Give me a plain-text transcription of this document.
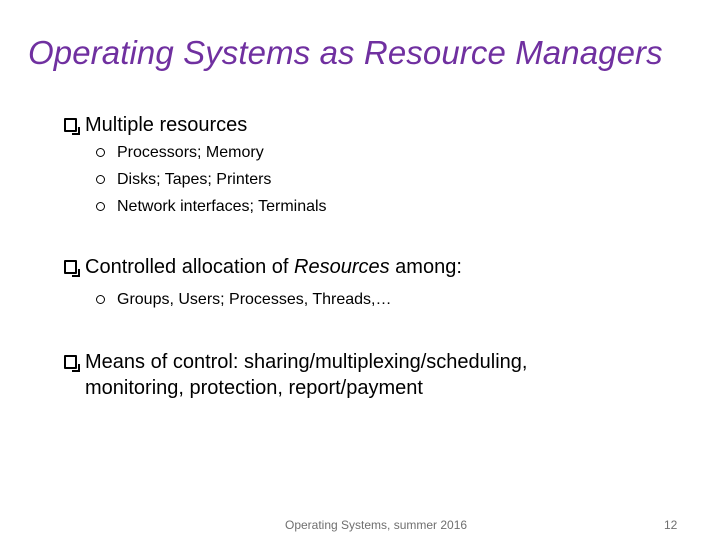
Operating Systems as Resource Managers
Multiple resources
Processors; Memory
Disks; Tapes; Printers
Network interfaces; Terminals
Controlled allocation of Resources among:
Groups, Users; Processes, Threads,…
Means of control: sharing/multiplexing/scheduling,
monitoring, protection, report/payment
Operating Systems, summer 2016	12
